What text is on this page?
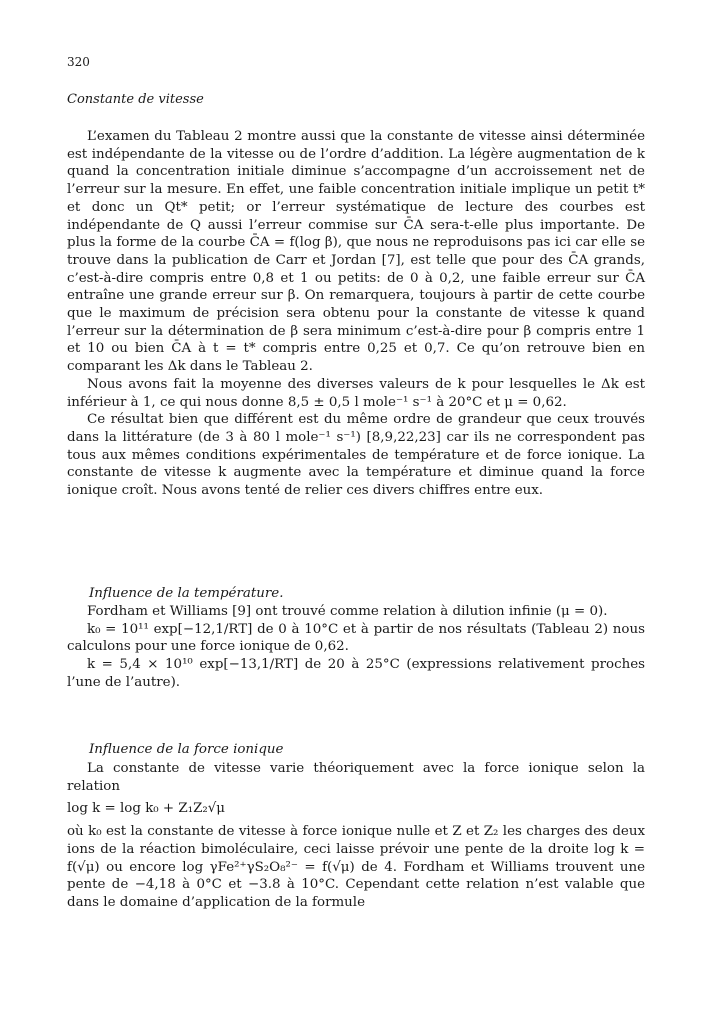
320
Constante de vitesse

L’examen du Tableau 2 montre aussi que la constante de vitesse ainsi déterminée est indépendante de la vitesse ou de l’ordre d’addition. La légère augmentation de k quand la concentration initiale diminue s’accompagne d’un accroissement net de l’erreur sur la mesure. En effet, une faible concentration initiale implique un petit t* et donc un Qt* petit; or l’erreur systématique de lecture des courbes est indépendante de Q aussi l’erreur commise sur C̄A sera-t-elle plus importante. De plus la forme de la courbe C̄A = f(log β), que nous ne reproduisons pas ici car elle se trouve dans la publication de Carr et Jordan [7], est telle que pour des C̄A grands, c’est-à-dire compris entre 0,8 et 1 ou petits: de 0 à 0,2, une faible erreur sur C̄A entraîne une grande erreur sur β. On remarquera, toujours à partir de cette courbe que le maximum de précision sera obtenu pour la constante de vitesse k quand l’erreur sur la détermination de β sera minimum c’est-à-dire pour β compris entre 1 et 10 ou bien C̄A à t = t* compris entre 0,25 et 0,7. Ce qu’on retrouve bien en comparant les Δk dans le Tableau 2.

Nous avons fait la moyenne des diverses valeurs de k pour lesquelles le Δk est inférieur à 1, ce qui nous donne 8,5 ± 0,5 l mole⁻¹ s⁻¹ à 20°C et μ = 0,62.

Ce résultat bien que différent est du même ordre de grandeur que ceux trouvés dans la littérature (de 3 à 80 l mole⁻¹ s⁻¹) [8,9,22,23] car ils ne correspondent pas tous aux mêmes conditions expérimentales de température et de force ionique. La constante de vitesse k augmente avec la température et diminue quand la force ionique croît. Nous avons tenté de relier ces divers chiffres entre eux.

Influence de la température.

Fordham et Williams [9] ont trouvé comme relation à dilution infinie (μ = 0).

k₀ = 10¹¹ exp[−12,1/RT] de 0 à 10°C et à partir de nos résultats (Tableau 2) nous calculons pour une force ionique de 0,62.

k = 5,4 × 10¹⁰ exp[−13,1/RT] de 20 à 25°C (expressions relativement proches l’une de l’autre).

Influence de la force ionique

La constante de vitesse varie théoriquement avec la force ionique selon la relation

log k = log k₀ + Z₁Z₂√μ

où k₀ est la constante de vitesse à force ionique nulle et Z et Z₂ les charges des deux ions de la réaction bimoléculaire, ceci laisse prévoir une pente de la droite log k = f(√μ) ou encore log γFe²⁺γS₂O₈²⁻ = f(√μ) de 4. Fordham et Williams trouvent une pente de −4,18 à 0°C et −3.8 à 10°C. Cependant cette relation n’est valable que dans le domaine d’application de la formule
